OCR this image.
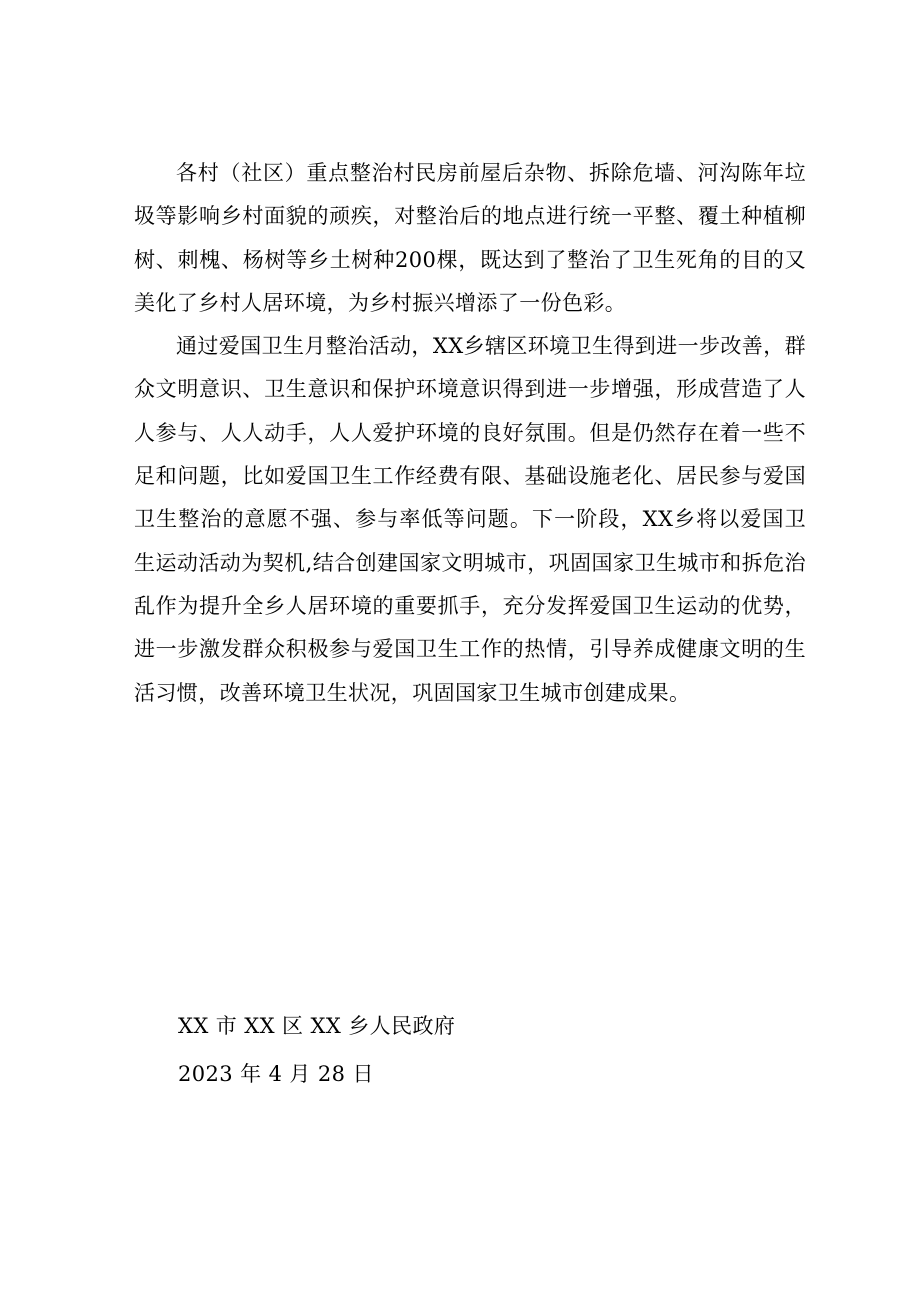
各村（社区）重点整治村民房前屋后杂物、拆除危墙、河沟陈年垃圾等影响乡村面貌的顽疾，对整治后的地点进行统一平整、覆土种植柳树、刺槐、杨树等乡土树种200棵，既达到了整治了卫生死角的目的又美化了乡村人居环境，为乡村振兴增添了一份色彩。

通过爱国卫生月整治活动，XX乡辖区环境卫生得到进一步改善，群众文明意识、卫生意识和保护环境意识得到进一步增强，形成营造了人人参与、人人动手，人人爱护环境的良好氛围。但是仍然存在着一些不足和问题，比如爱国卫生工作经费有限、基础设施老化、居民参与爱国卫生整治的意愿不强、参与率低等问题。下一阶段，XX乡将以爱国卫生运动活动为契机,结合创建国家文明城市，巩固国家卫生城市和拆危治乱作为提升全乡人居环境的重要抓手，充分发挥爱国卫生运动的优势，进一步激发群众积极参与爱国卫生工作的热情，引导养成健康文明的生活习惯，改善环境卫生状况，巩固国家卫生城市创建成果。

XX 市 XX 区 XX 乡人民政府
2023 年 4 月 28 日
